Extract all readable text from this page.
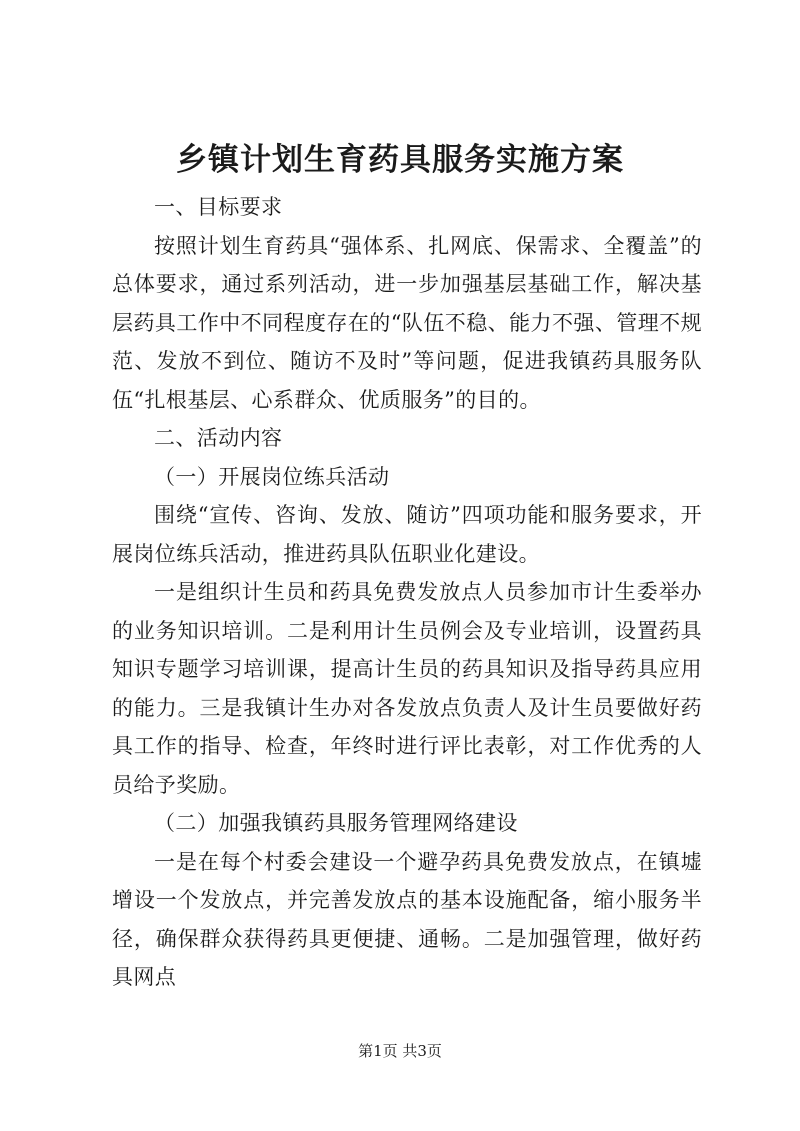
乡镇计划生育药具服务实施方案

一、目标要求

按照计划生育药具“强体系、扎网底、保需求、全覆盖”的总体要求，通过系列活动，进一步加强基层基础工作，解决基层药具工作中不同程度存在的“队伍不稳、能力不强、管理不规范、发放不到位、随访不及时”等问题，促进我镇药具服务队伍“扎根基层、心系群众、优质服务”的目的。

二、活动内容

（一）开展岗位练兵活动

围绕“宣传、咨询、发放、随访”四项功能和服务要求，开展岗位练兵活动，推进药具队伍职业化建设。

一是组织计生员和药具免费发放点人员参加市计生委举办的业务知识培训。二是利用计生员例会及专业培训，设置药具知识专题学习培训课，提高计生员的药具知识及指导药具应用的能力。三是我镇计生办对各发放点负责人及计生员要做好药具工作的指导、检查，年终时进行评比表彰，对工作优秀的人员给予奖励。

（二）加强我镇药具服务管理网络建设

一是在每个村委会建设一个避孕药具免费发放点，在镇墟增设一个发放点，并完善发放点的基本设施配备，缩小服务半径，确保群众获得药具更便捷、通畅。二是加强管理，做好药具网点

第1页 共3页
